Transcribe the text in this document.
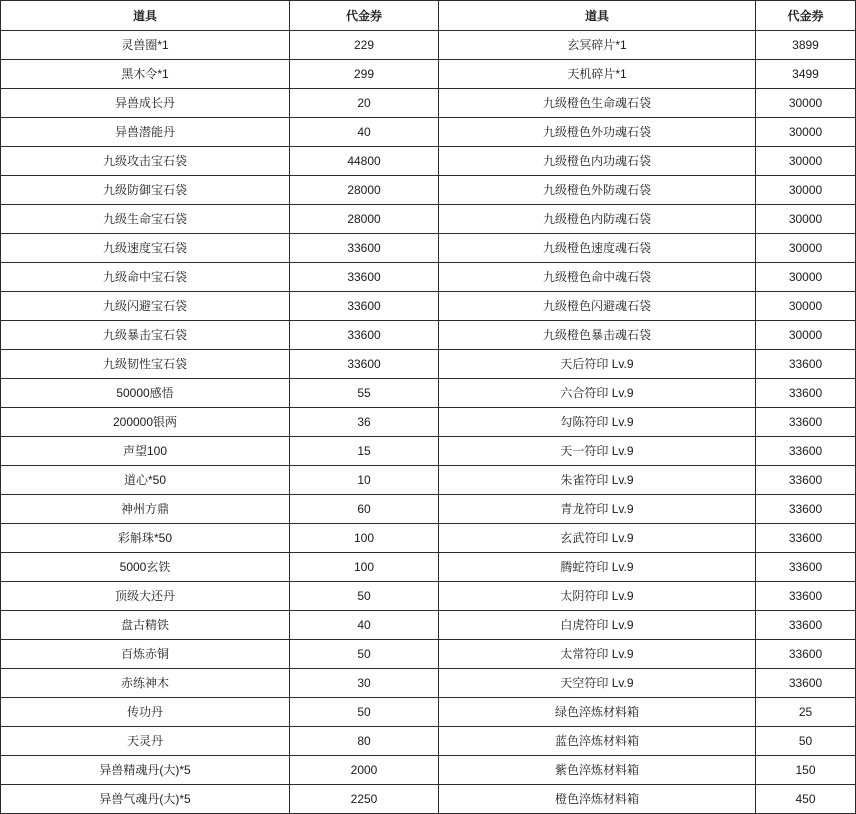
道具	代金券	道具	代金券
灵兽圈*1	229	玄冥碎片*1	3899
黑木令*1	299	天机碎片*1	3499
异兽成长丹	20	九级橙色生命魂石袋	30000
异兽潜能丹	40	九级橙色外功魂石袋	30000
九级攻击宝石袋	44800	九级橙色内功魂石袋	30000
九级防御宝石袋	28000	九级橙色外防魂石袋	30000
九级生命宝石袋	28000	九级橙色内防魂石袋	30000
九级速度宝石袋	33600	九级橙色速度魂石袋	30000
九级命中宝石袋	33600	九级橙色命中魂石袋	30000
九级闪避宝石袋	33600	九级橙色闪避魂石袋	30000
九级暴击宝石袋	33600	九级橙色暴击魂石袋	30000
九级韧性宝石袋	33600	天后符印 Lv.9	33600
50000感悟	55	六合符印 Lv.9	33600
200000银两	36	勾陈符印 Lv.9	33600
声望100	15	天一符印 Lv.9	33600
道心*50	10	朱雀符印 Lv.9	33600
神州方鼎	60	青龙符印 Lv.9	33600
彩斛珠*50	100	玄武符印 Lv.9	33600
5000玄铁	100	腾蛇符印 Lv.9	33600
顶级大还丹	50	太阴符印 Lv.9	33600
盘古精铁	40	白虎符印 Lv.9	33600
百炼赤铜	50	太常符印 Lv.9	33600
赤练神木	30	天空符印 Lv.9	33600
传功丹	50	绿色淬炼材料箱	25
天灵丹	80	蓝色淬炼材料箱	50
异兽精魂丹(大)*5	2000	紫色淬炼材料箱	150
异兽气魂丹(大)*5	2250	橙色淬炼材料箱	450
